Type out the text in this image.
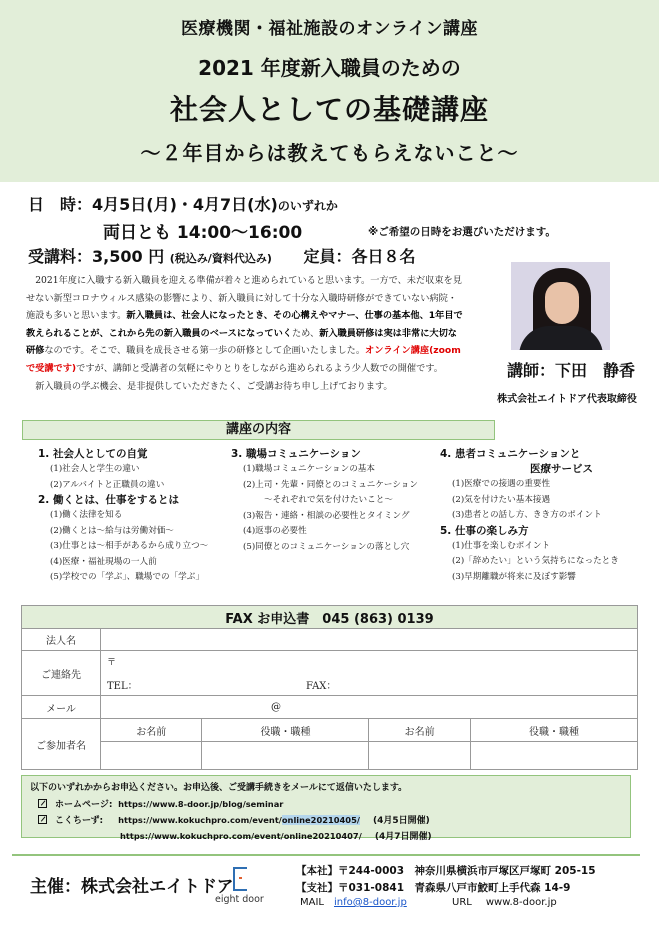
医療機関・福祉施設のオンライン講座
2021 年度新入職員のための
社会人としての基礎講座
～２年目からは教えてもらえないこと～
日　時：4月5日(月)・4月7日(水)のいずれか
両日とも 14:00～16:00	※ご希望の日時をお選びいただけます。
受講料：3,500 円 (税込み/資料代込み) 定員：各日８名

2021年度に入職する新入職員を迎える準備が着々と進められていると思います。一方で、未だ収束を見せない新型コロナウィルス感染の影響により、新入職員に対して十分な入職時研修ができていない病院・施設も多いと思います。新入職員は、社会人になったとき、その心構えやマナー、仕事の基本他、1年目で教えられることが、これから先の新入職員のベースになっていくため、新入職員研修は実は非常に大切な研修なのです。そこで、職員を成長させる第一歩の研修として企画いたしました。オンライン講座(zoomで受講です)ですが、講師と受講者の気軽にやりとりをしながら進められるよう少人数での開催です。

新入職員の学ぶ機会、是非提供していただきたく、ご受講お待ち申し上げております。

講師：下田　静香
株式会社エイトドア代表取締役
講座の内容
1. 社会人としての自覚
(1)社会人と学生の違い
(2)アルバイトと正職員の違い
2. 働くとは、仕事をするとは
(1)働く法律を知る
(2)働くとは～給与は労働対価～
(3)仕事とは～相手があるから成り立つ～
(4)医療・福祉現場の一人前
(5)学校での「学ぶ」、職場での「学ぶ」
3. 職場コミュニケーション
(1)職場コミュニケーションの基本
(2)上司・先輩・同僚とのコミュニケーション
～それぞれで気を付けたいこと～
(3)報告・連絡・相談の必要性とタイミング
(4)返事の必要性
(5)同僚とのコミュニケーションの落とし穴
4. 患者コミュニケーションと
医療サービス
(1)医療での接遇の重要性
(2)気を付けたい基本接遇
(3)患者との話し方、きき方のポイント
5. 仕事の楽しみ方
(1)仕事を楽しむポイント
(2)「辞めたい」という気持ちになったとき
(3)早期離職が将来に及ぼす影響
FAX お申込書　045 (863) 0139				
法人名				
ご連絡先	〒
TEL： FAX：			

メール	@			
ご参加者名	お名前	役職・職種	お名前	役職・職種

以下のいずれかからお申込ください。お申込後、ご受講手続きをメールにて返信いたします。
ホームページ: https://www.8-door.jp/blog/seminar
こくちーず: https://www.kokuchpro.com/event/online20210405/ (4月5日開催)
https://www.kokuchpro.com/event/online20210407/ (4月7日開催)
主催：株式会社エイトドア
eight door
【本社】〒244-0003　神奈川県横浜市戸塚区戸塚町 205-15
【支社】〒031-0841　青森県八戸市鮫町上手代森 14-9
MAIL info@8-door.jp	URL www.8-door.jp
